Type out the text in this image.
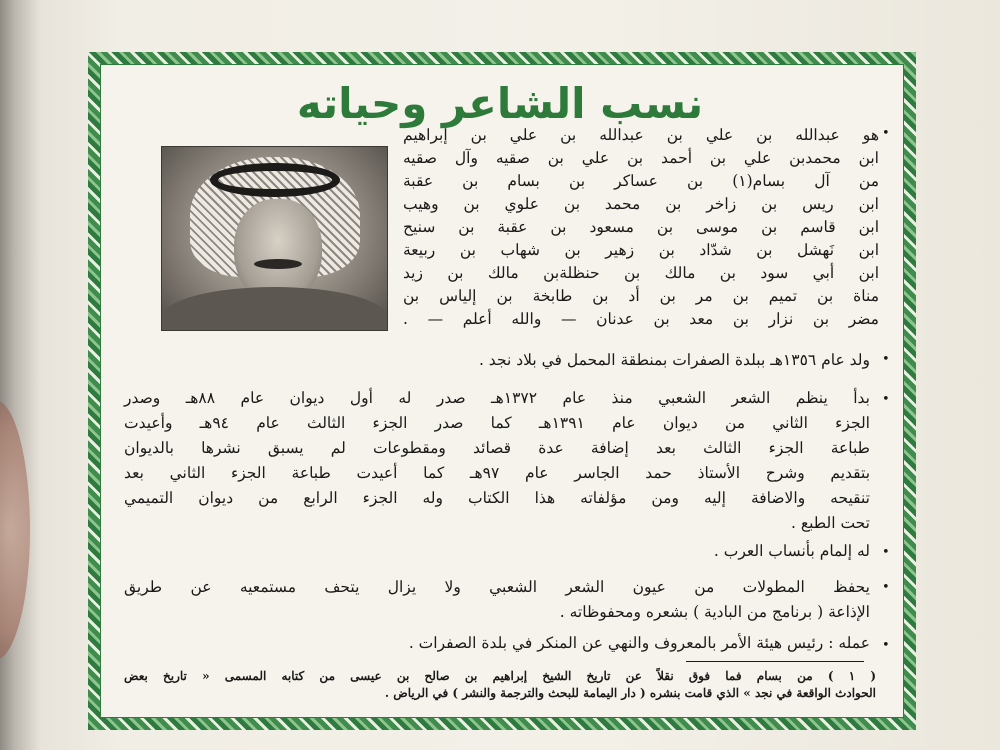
نسب الشاعر وحياته
•
هو عبدالله بن علي بن عبدالله بن علي بن إبراهيم
ابن محمدبن علي بن أحمد بن علي بن صقيه وآل صقيه
من آل بسام(١) بن عساكر بن بسام بن عقبة
ابن ريس بن زاخر بن محمد بن علوي بن وهيب
ابن قاسم بن موسى بن مسعود بن عقبة بن سنيح
ابن نَهشل بن شدّاد بن زهير بن شهاب بن ربيعة
ابن أبي سود بن مالك بن حنظلةبن مالك بن زيد
مناة بن تميم بن مر بن أد بن طابخة بن إلياس بن
مضر بن نزار بن معد بن عدنان — والله أعلم — .
•
ولد عام ١٣٥٦هـ ببلدة الصفرات بمنطقة المحمل في بلاد نجد .
•
بدأ ينظم الشعر الشعبي منذ عام ١٣٧٢هـ صدر له أول ديوان عام ٨٨هـ وصدر
الجزء الثاني من ديوان عام ١٣٩١هـ كما صدر الجزء الثالث عام ٩٤هـ وأعيدت
طباعة الجزء الثالث بعد إضافة عدة قصائد ومقطوعات لم يسبق نشرها بالديوان
بتقديم وشرح الأستاذ حمد الجاسر عام ٩٧هـ كما أعيدت طباعة الجزء الثاني بعد
تنقيحه والاضافة إليه ومن مؤلفاته هذا الكتاب وله الجزء الرابع من ديوان التميمي
تحت الطبع .
•
له إلمام بأنساب العرب .
•
يحفظ المطولات من عيون الشعر الشعبي ولا يزال يتحف مستمعيه عن طريق
الإذاعة ( برنامج من البادية ) بشعره ومحفوظاته .
•
عمله : رئيس هيئة الأمر بالمعروف والنهي عن المنكر في بلدة الصفرات .
( ١ ) من بسام فما فوق نقلاً عن تاريخ الشيخ إبراهيم بن صالح بن عيسى من كتابه المسمى « تاريخ بعض
الحوادث الواقعة في نجد » الذي قامت بنشره ( دار اليمامة للبحث والترجمة والنشر ) في الرياض .
